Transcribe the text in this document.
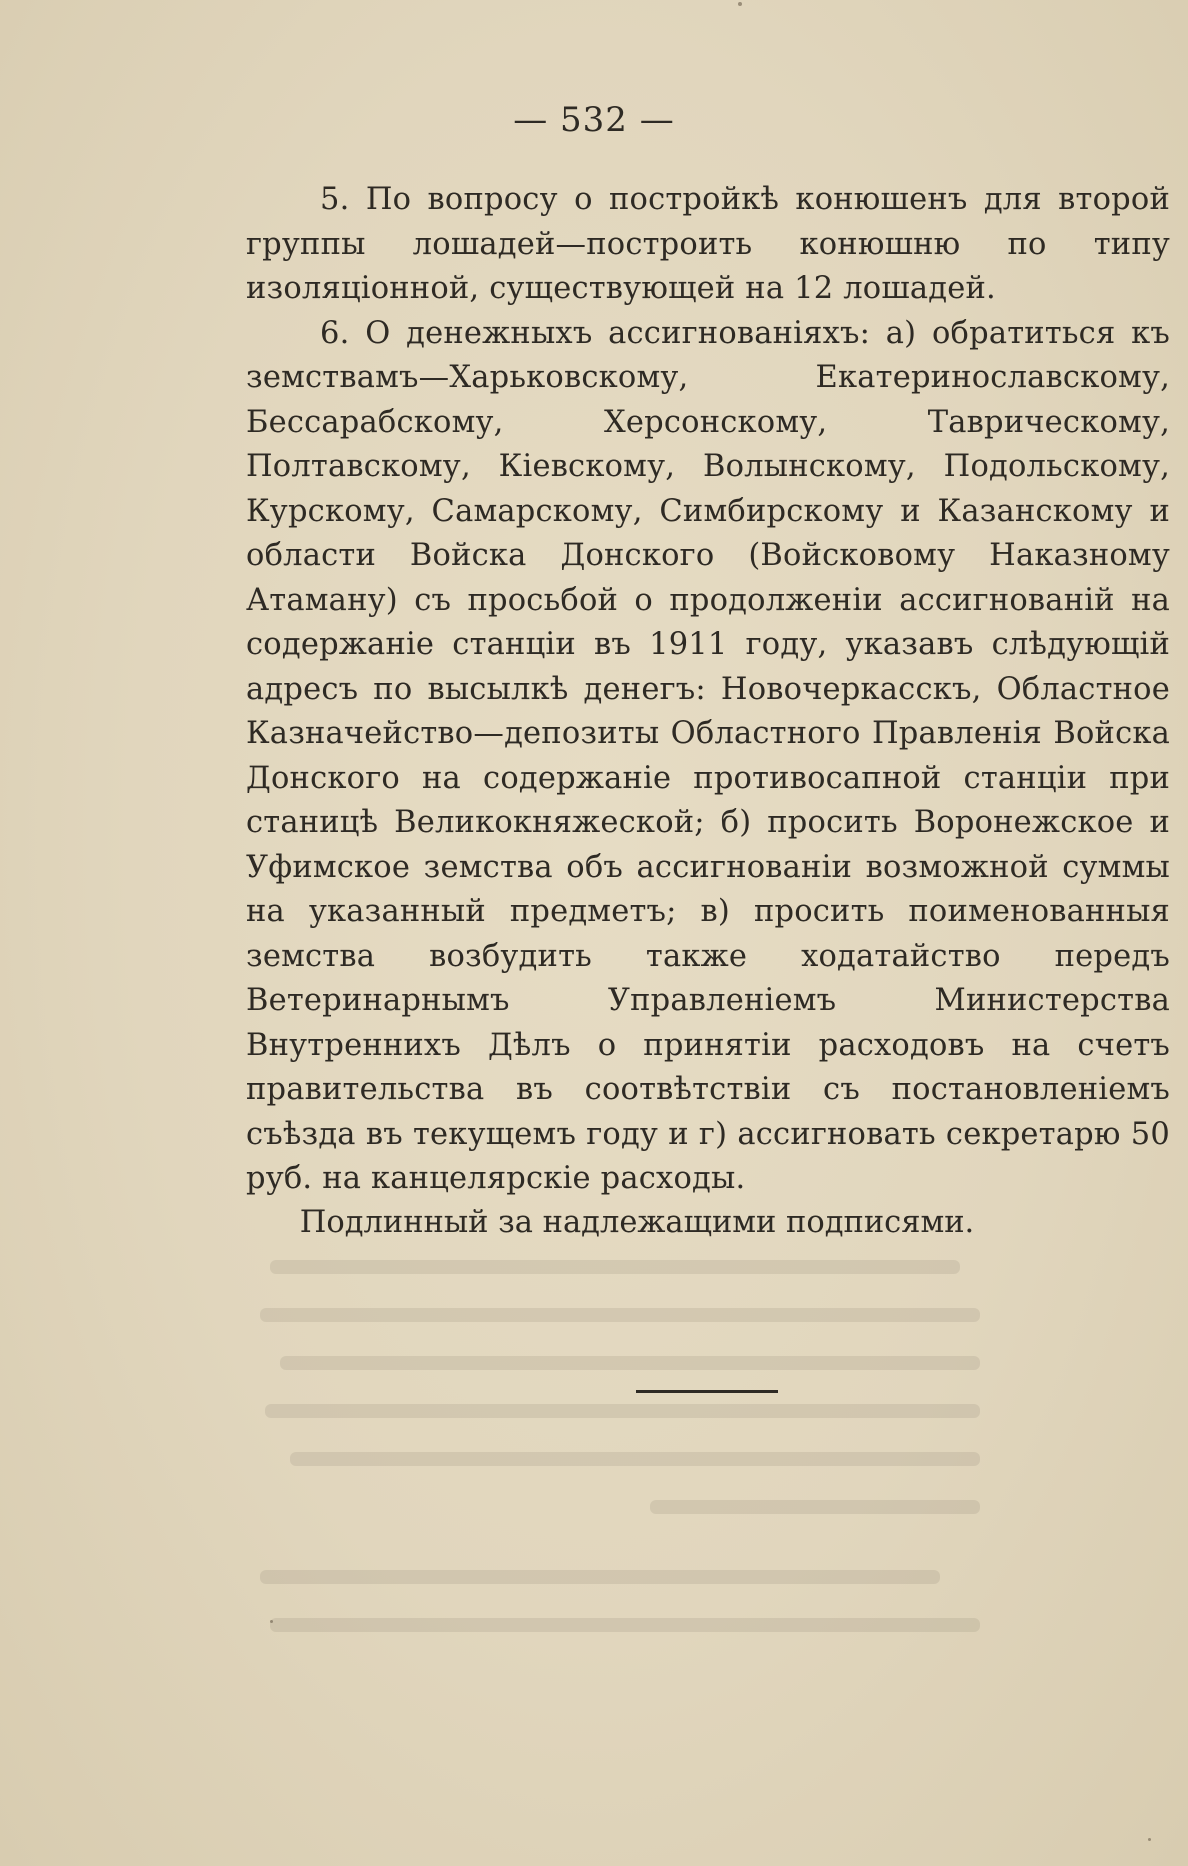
— 532 —

5. По вопросу о постройкѣ конюшенъ для второй группы лошадей—построить конюшню по типу изоляціонной, существующей на 12 лошадей.

6. О денежныхъ ассигнованіяхъ: а) обратиться къ земствамъ—Харьковскому, Екатеринославскому, Бессарабскому, Херсонскому, Таврическому, Полтавскому, Кіевскому, Волынскому, Подольскому, Курскому, Самарскому, Симбирскому и Казанскому и области Войска Донского (Войсковому Наказному Атаману) съ просьбой о продолженіи ассигнованій на содержаніе станціи въ 1911 году, указавъ слѣдующій адресъ по высылкѣ денегъ: Новочеркасскъ, Областное Казначейство—депозиты Областного Правленія Войска Донского на содержаніе противосапной станціи при станицѣ Великокняжеской; б) просить Воронежское и Уфимское земства объ ассигнованіи возможной суммы на указанный предметъ; в) просить поименованныя земства возбудить также ходатайство передъ Ветеринарнымъ Управленіемъ Министерства Внутреннихъ Дѣлъ о принятіи расходовъ на счетъ правительства въ соотвѣтствіи съ постановленіемъ съѣзда въ текущемъ году и г) ассигновать секретарю 50 руб. на канцелярскіе расходы.

Подлинный за надлежащими подписями.
